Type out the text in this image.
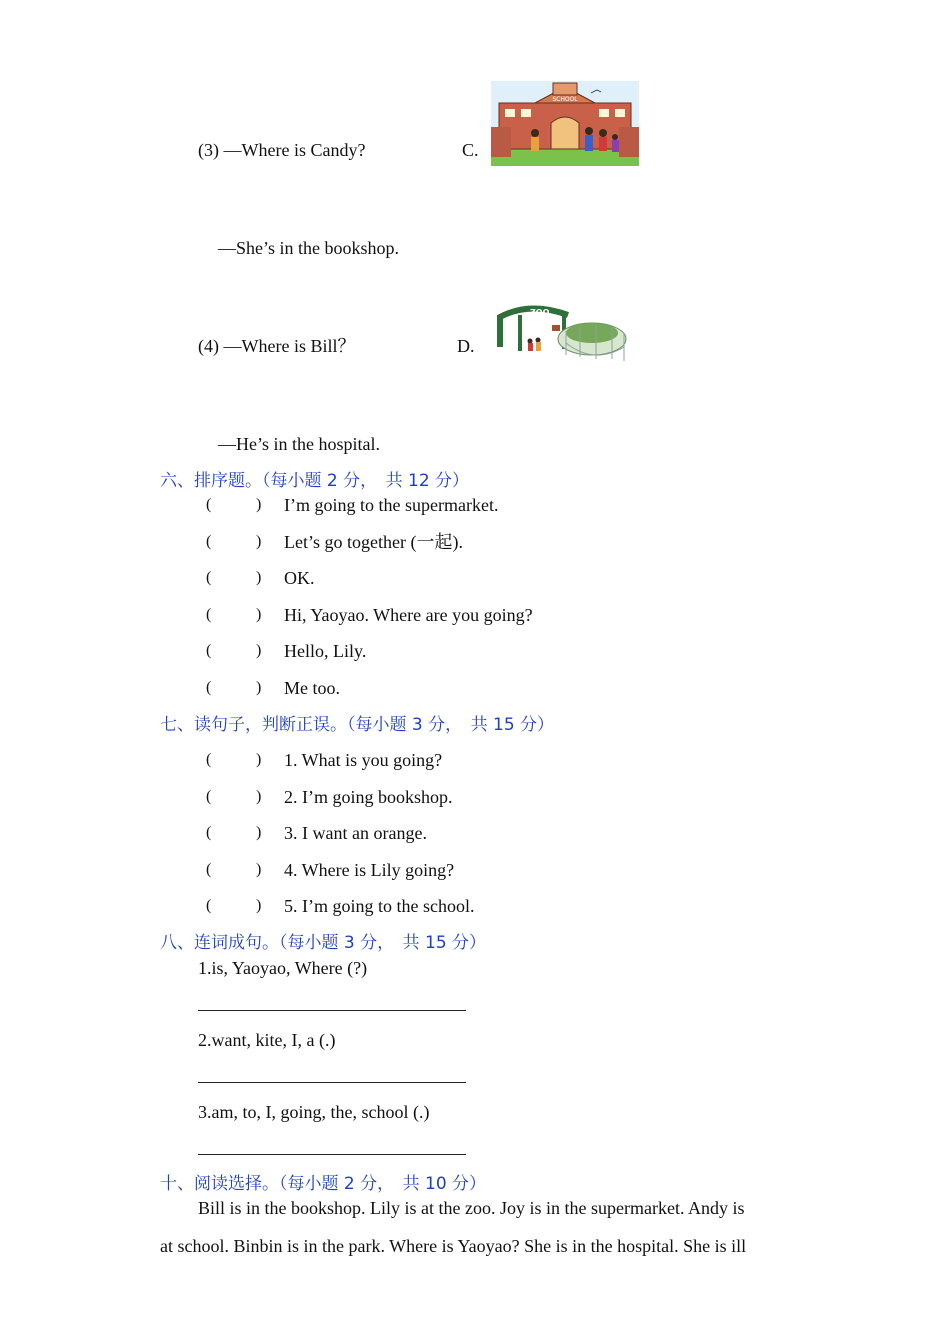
(3) —Where is Candy?	C.
SCHOOL
—She’s in the bookshop.
(4) —Where is Bill？	D.
ZOO
—He’s in the hospital.
六、排序题。（每小题 2 分，　共 12 分）
(	) I’m going to the supermarket.
(	) Let’s go together (一起).
(	) OK.
(	) Hi, Yaoyao. Where are you going?
(	) Hello, Lily.
(	) Me too.
七、读句子，判断正误。（每小题 3 分，　共 15 分）
(	) 1. What is you going?
(	) 2. I’m going bookshop.
(	) 3. I want an orange.
(	) 4. Where is Lily going?
(	) 5. I’m going to the school.
八、连词成句。（每小题 3 分，　共 15 分）
1.is, Yaoyao, Where (?)
2.want, kite, I, a (.)
3.am, to, I, going, the, school (.)
十、阅读选择。（每小题 2 分，　共 10 分）
Bill is in the bookshop. Lily is at the zoo. Joy is in the supermarket. Andy is
at school. Binbin is in the park. Where is Yaoyao? She is in the hospital. She is ill
